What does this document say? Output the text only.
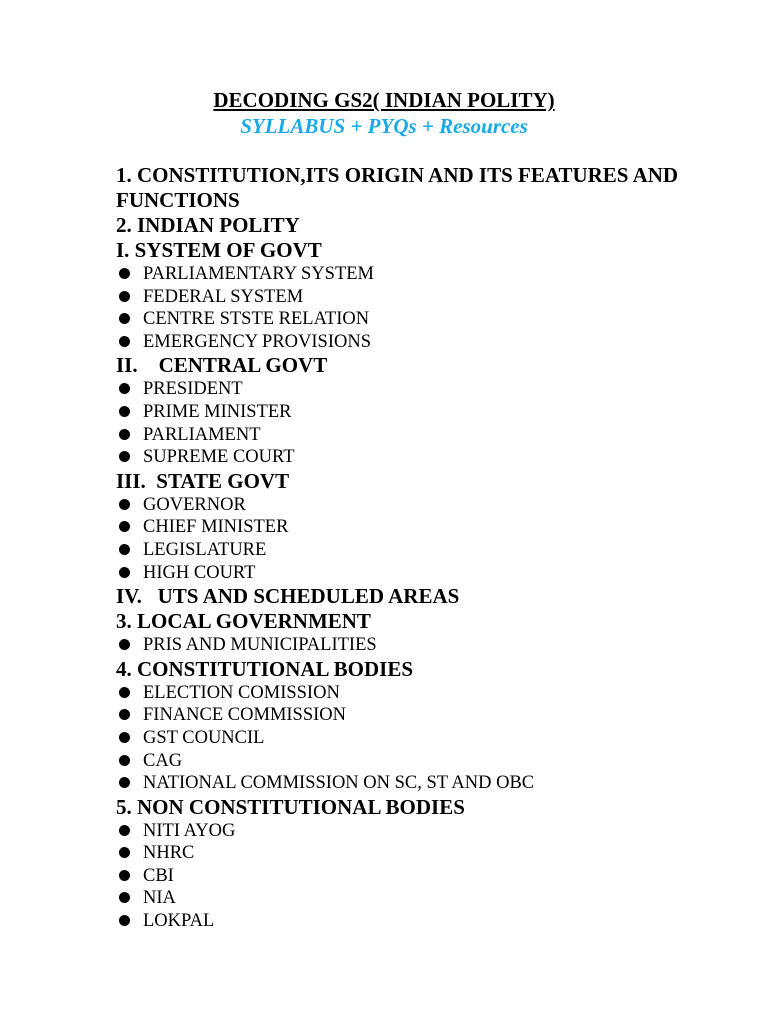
DECODING GS2( INDIAN POLITY)
SYLLABUS + PYQs + Resources
1. CONSTITUTION,ITS ORIGIN AND ITS FEATURES AND FUNCTIONS
2. INDIAN POLITY
I. SYSTEM OF GOVT
PARLIAMENTARY SYSTEM
FEDERAL SYSTEM
CENTRE STSTE RELATION
EMERGENCY PROVISIONS
II.    CENTRAL GOVT
PRESIDENT
PRIME MINISTER
PARLIAMENT
SUPREME COURT
III.  STATE GOVT
GOVERNOR
CHIEF MINISTER
LEGISLATURE
HIGH COURT
IV.   UTS AND SCHEDULED AREAS
3. LOCAL GOVERNMENT
PRIS AND MUNICIPALITIES
4. CONSTITUTIONAL BODIES
ELECTION COMISSION
FINANCE COMMISSION
GST COUNCIL
CAG
NATIONAL COMMISSION ON SC, ST AND OBC
5. NON CONSTITUTIONAL BODIES
NITI AYOG
NHRC
CBI
NIA
LOKPAL
